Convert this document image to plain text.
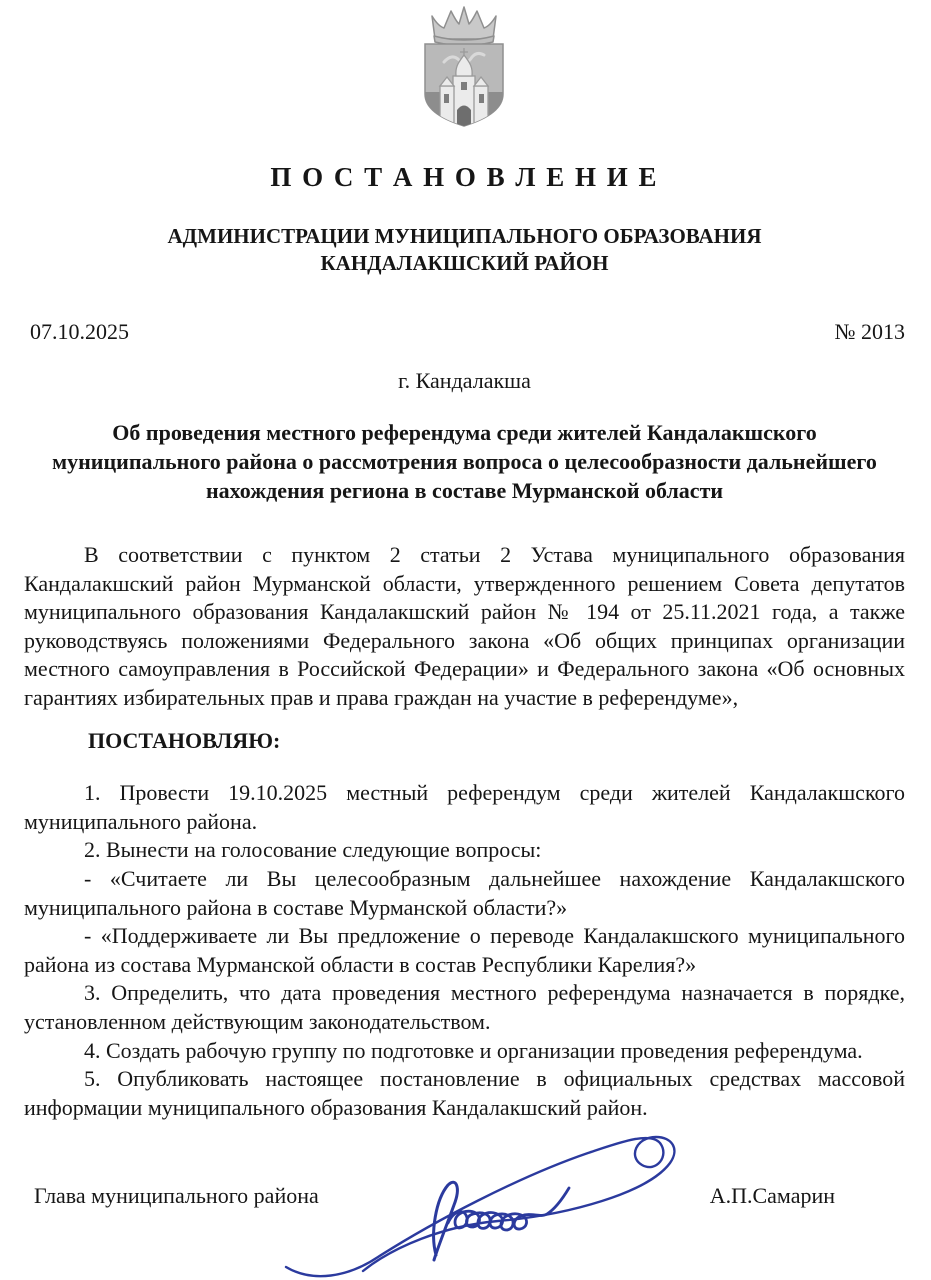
П О С Т А Н О В Л Е Н И Е
АДМИНИСТРАЦИИ МУНИЦИПАЛЬНОГО ОБРАЗОВАНИЯ
КАНДАЛАКШСКИЙ РАЙОН
07.10.2025	№ 2013
г. Кандалакша
Об проведения местного референдума среди жителей Кандалакшского муниципального района о рассмотрения вопроса о целесообразности дальнейшего нахождения региона в составе Мурманской области

В соответствии с пунктом 2 статьи 2 Устава муниципального образования Кандалакшский район Мурманской области, утвержденного решением Совета депутатов муниципального образования Кандалакшский район № 194 от 25.11.2021 года, а также руководствуясь положениями Федерального закона «Об общих принципах организации местного самоуправления в Российской Федерации» и Федерального закона «Об основных гарантиях избирательных прав и права граждан на участие в референдуме»,

ПОСТАНОВЛЯЮ:

1. Провести 19.10.2025 местный референдум среди жителей Кандалакшского муниципального района.

2. Вынести на голосование следующие вопросы:

- «Считаете ли Вы целесообразным дальнейшее нахождение Кандалакшского муниципального района в составе Мурманской области?»

- «Поддерживаете ли Вы предложение о переводе Кандалакшского муниципального района из состава Мурманской области в состав Республики Карелия?»

3. Определить, что дата проведения местного референдума назначается в порядке, установленном действующим законодательством.

4. Создать рабочую группу по подготовке и организации проведения референдума.

5. Опубликовать настоящее постановление в официальных средствах массовой информации муниципального образования Кандалакшский район.

Глава муниципального района	А.П.Самарин
